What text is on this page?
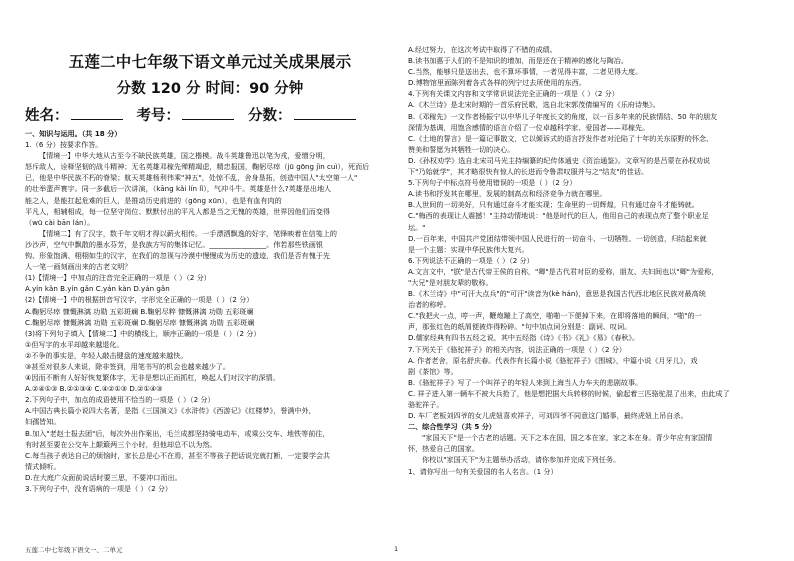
五莲二中七年级下语文单元过关成果展示
分数 120 分 时间：90 分钟
姓名：	考号：	分数：
一、知识与运用。（共 18 分）
1.（6 分）按要求作答。
【情境一】中华大地从古至今不缺民族英雄，国之楷模。战斗英雄鲁迅以笔为戎，爱憎分明，
怒斥敌人，诠释坚韧的战斗精神；无名英雄邓稼先殚精竭虑，精忠报国，鞠躬尽瘁（jū gōng jìn cuì），死而后
已，他是中华民族不朽的脊梁；航天英雄杨利伟乘"神五"，处惊不乱，舍身垦拓，创造中国人"太空第一人"
的壮举蜚声寰宇。同一多截后一次讲演，（kāng kǎi lín lǐ），气冲斗牛。英雄是什么?英雄是出地人
能之人，是能扛起危难的巨人，是推动历史前进的（gōng xūn），也是有血有肉的
平凡人，相辅相成，每一位坚守岗位、默默付出的平凡人都是当之无愧的英雄，世界因他们而变得
（wū cài bān lán）。
【情境二】有了汉字，数千年文明才得以薪火相传。一手漂洒飘逸的好字，笔锋映着在信笺上的
沙沙声，空气中飘散的墨水芬芳，是我族方写的集体记忆。________________。伟若那些铁画银
钩、形象饱满、栩栩如生的汉字，在我们的忽视与冷漠中慢慢成为历史的遗迹，我们是否有愧于先
人一笔一画刻画出来的古老文明？
(1)【情境一】中加点的注音完全正确的一项是（ ）（2 分）
A.yín kǎn B.yín gǎn C.yán kàn D.yán gǎn
(2)【情境一】中的根据拼音写汉字，字形完全正确的一项是（ ）（2 分）
A.鞠躬尽瘁 慷慨淋漓 功勋 五彩斑斓 B.鞠躬尽粹 慷慨淋漓 功勋 五彩斑斓
C.鞠躬尽瘁 慷慨淋漓 功勋 五彩斑斓 D.鞠躬尽瘁 慷慨淋漓 功勋 五彩斑斓
(3)将下列句子填入【情境二】中的横线上，顺序正确的一项是（ ）（2 分）
①但写字的水平却越来越退化。
②不争的事实是，年轻人敲击键盘的速度越来越快。
③甚至对很多人来说，除非签到，用笔书写的机会也越来越少了。
④因而不断有人好好恢复繁体字，无非是想以正而抓杠，唤起人们对汉字的深情。
A.②④①③ B.②①③④ C.④②①③ D.②①④③
2.下列句子中，加点的成语使用不恰当的一项是（ ）（2 分）
A.中国古典长篇小说四大名著，是指《三国演义》《水浒传》《西游记》《红楼梦》，誉满中外，
妇孺皆知。
B.加入"老赵士报去团"后，每次外出作案出，毛兰成都坚持骑电动车，或乘公交车、地铁等前往，
有时甚至要在公交车上颠簸两三个小时，但他却总不以为然。
C.每当孩子表达自己的烦恼时，家长总是心不在焉，甚至不等孩子把话说完就打断，一定要学会共
情式倾听。
D.在大庭广众面前说话时要三思，不要冲口而出。
3.下列句子中，没有语病的一项是（ ）（2 分）
A.经过努力，在这次考试中取得了不错的成绩。
B.读书加惠于人们的不是知识的增加，而是还在于精神的感化与陶冶。
C.当然，能够只是送出去，也不算坏事情，一者见得丰富，二者见得大度。
D.博物馆里面陈列着各式各样的列宁过去所使用的东西。
4.下列有关课文内容和文学常识说法完全正确的一项是（ ）（2 分）
A.《木兰诗》是北宋时期的一首乐府民歌，选自北宋郭茂倩编写的《乐府诗集》。
B.《邓稼先》一文作者杨振宁以中华儿子年度长文的角度，以一百多年来的民族情结、50 年的朋友
深情为基调，用饱含感情的语言介绍了一位卓越科学家、爱国者——邓稼先。
C.《土地的誓言》是一篇记事散文，它以倾诉式的语言抒发作者对沦陷了十年的关东原野的怀念、
赞美和誓愿为其牺牲一切的决心。
D.《孙权劝学》选自北宋司马光主持编纂的纪传体通史《资治通鉴》。文章写的是吕蒙在孙权劝说
下"乃始就学"，其才略很快有惊人的长进而令鲁肃叹服并与之"结友"的佳话。
5.下列句子中标点符号使用错误的一项是（ ）（2 分）
A.读书和抒发其在哪里，发展的制高点和经济竞争力就在哪里。
B.人世间的一切美好，只有通过奋斗才能实现；生命里的一切辉煌，只有通过奋斗才能铸就。
C."梅西的表现让人震撼！"主持动情地说："他是时代的巨人，他用自己的表现点亮了整个职业足
坛。"
D.一百年来，中国共产党团结带领中国人民进行的一切奋斗、一切牺牲、一切创造，归结起来就
是一个主题：实现中华民族伟大复兴。
6.下列说法不正确的一项是（ ）（2 分）
A.文言文中，"朕"是古代帝王侯的自称，"卿"是古代君对臣的爱称，朋友、夫妇间也以"卿"为爱称，
"大兄"是对朋友辈的敬称。
B.《木兰诗》中"可汗大点兵"的"可汗"读音为(kè hán)，意思是我国古代西北地区民族对最高统
治者的称呼。
C."我把火一点，哼一声，鞭炮蹦上了高空，啪啪一下便掉下来，在即将落地的瞬间，"啪"的一
声，那张红色的纸屑便被炸得粉碎。"句中加点词分别是：副词、叹词。
D.儒家经典有四书五经之说，其中五经指《诗》《书》《礼》《易》《春秋》。
7.下列关于《骆驼祥子》的相关内容，说法正确的一项是（ ）（2 分）
A. 作者老舍，原名舒庆春。代表作有长篇小说《骆驼祥子》《围城》，中篇小说《月牙儿》，戏
剧《茶馆》等。
B.《骆驼祥子》写了一个叫祥子的年轻人来到上海当人力车夫的悲剧故事。
C. 祥子进入第一辆车不被大兵抢了，他是想把据大兵转移的时候，偷起着三匹骆驼混了出来，由此成了
骆驼祥子。
D. 车厂老板刘四爷的女儿虎妞喜欢祥子，可刘四爷不同意这门婚事，最终虎妞上吊自杀。
二、综合性学习（共 5 分）
"家国天下"是一个古老的话题。天下之本在国，国之本在家，家之本在身。青少年应有家国情
怀，热爱自己的国家。
你校以"家国天下"为主题举办活动，请你参加并完成下列任务。
1、请你写出一句有关爱国的名人名言。（1 分）
五莲二中七年级下语文一、二单元	1
